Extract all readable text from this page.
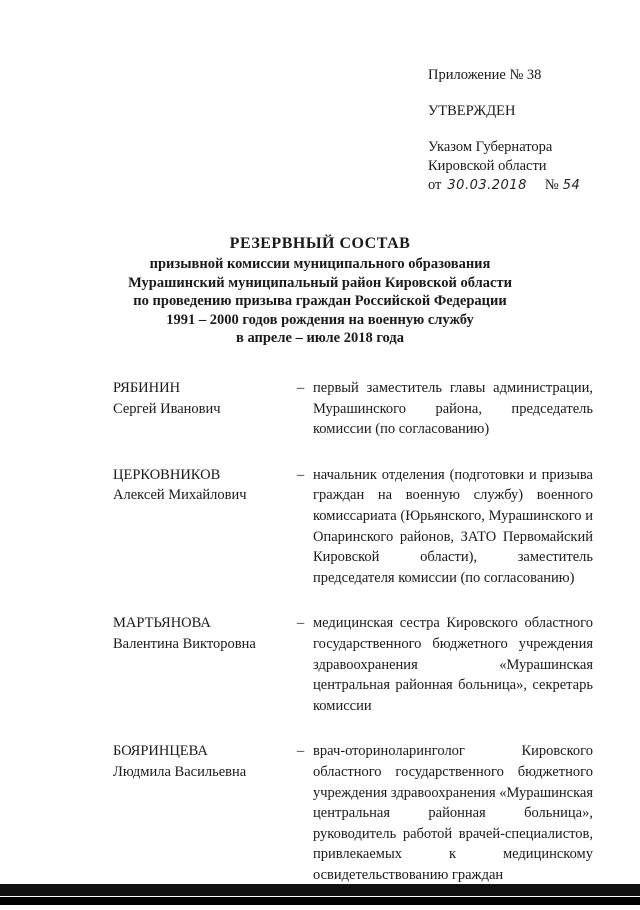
Приложение № 38
УТВЕРЖДЕН
Указом Губернатора
Кировской области
от 30.03.2018 № 54
РЕЗЕРВНЫЙ СОСТАВ
призывной комиссии муниципального образования
Мурашинский муниципальный район Кировской области
по проведению призыва граждан Российской Федерации
1991 – 2000 годов рождения на военную службу
в апреле – июле 2018 года
РЯБИНИН
Сергей Иванович
– первый заместитель главы администрации, Мурашинского района, председатель комиссии (по согласованию)
ЦЕРКОВНИКОВ
Алексей Михайлович
– начальник отделения (подготовки и призыва граждан на военную службу) военного комиссариата (Юрьянского, Мурашинского и Опаринского районов, ЗАТО Первомайский Кировской области), заместитель председателя комиссии (по согласованию)
МАРТЬЯНОВА
Валентина Викторовна
– медицинская сестра Кировского областного государственного бюджетного учреждения здравоохранения «Мурашинская центральная районная больница», секретарь комиссии
БОЯРИНЦЕВА
Людмила Васильевна
– врач-оториноларинголог Кировского областного государственного бюджетного учреждения здравоохранения «Мурашинская центральная районная больница», руководитель работой врачей-специалистов, привлекаемых к медицинскому освидетельствованию граждан
